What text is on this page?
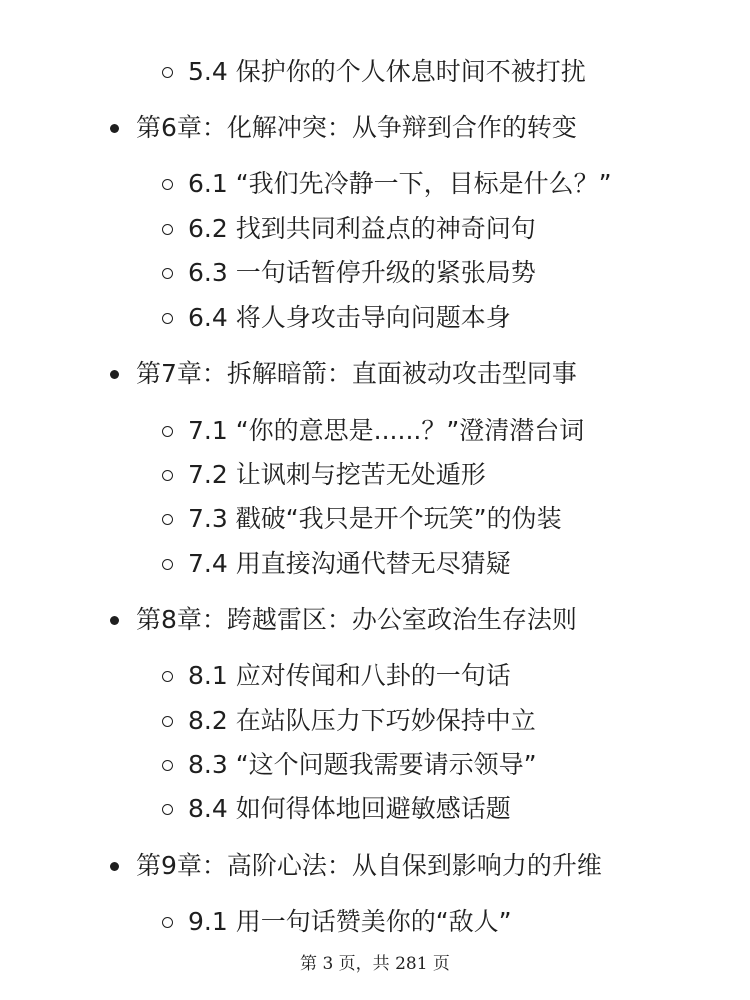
5.4 保护你的个人休息时间不被打扰
第6章：化解冲突：从争辩到合作的转变
6.1 “我们先冷静一下，目标是什么？”
6.2 找到共同利益点的神奇问句
6.3 一句话暂停升级的紧张局势
6.4 将人身攻击导向问题本身
第7章：拆解暗箭：直面被动攻击型同事
7.1 “你的意思是......？”澄清潜台词
7.2 让讽刺与挖苦无处遁形
7.3 戳破“我只是开个玩笑”的伪装
7.4 用直接沟通代替无尽猜疑
第8章：跨越雷区：办公室政治生存法则
8.1 应对传闻和八卦的一句话
8.2 在站队压力下巧妙保持中立
8.3 “这个问题我需要请示领导”
8.4 如何得体地回避敏感话题
第9章：高阶心法：从自保到影响力的升维
9.1 用一句话赞美你的“敌人”
第 3 页，共 281 页
